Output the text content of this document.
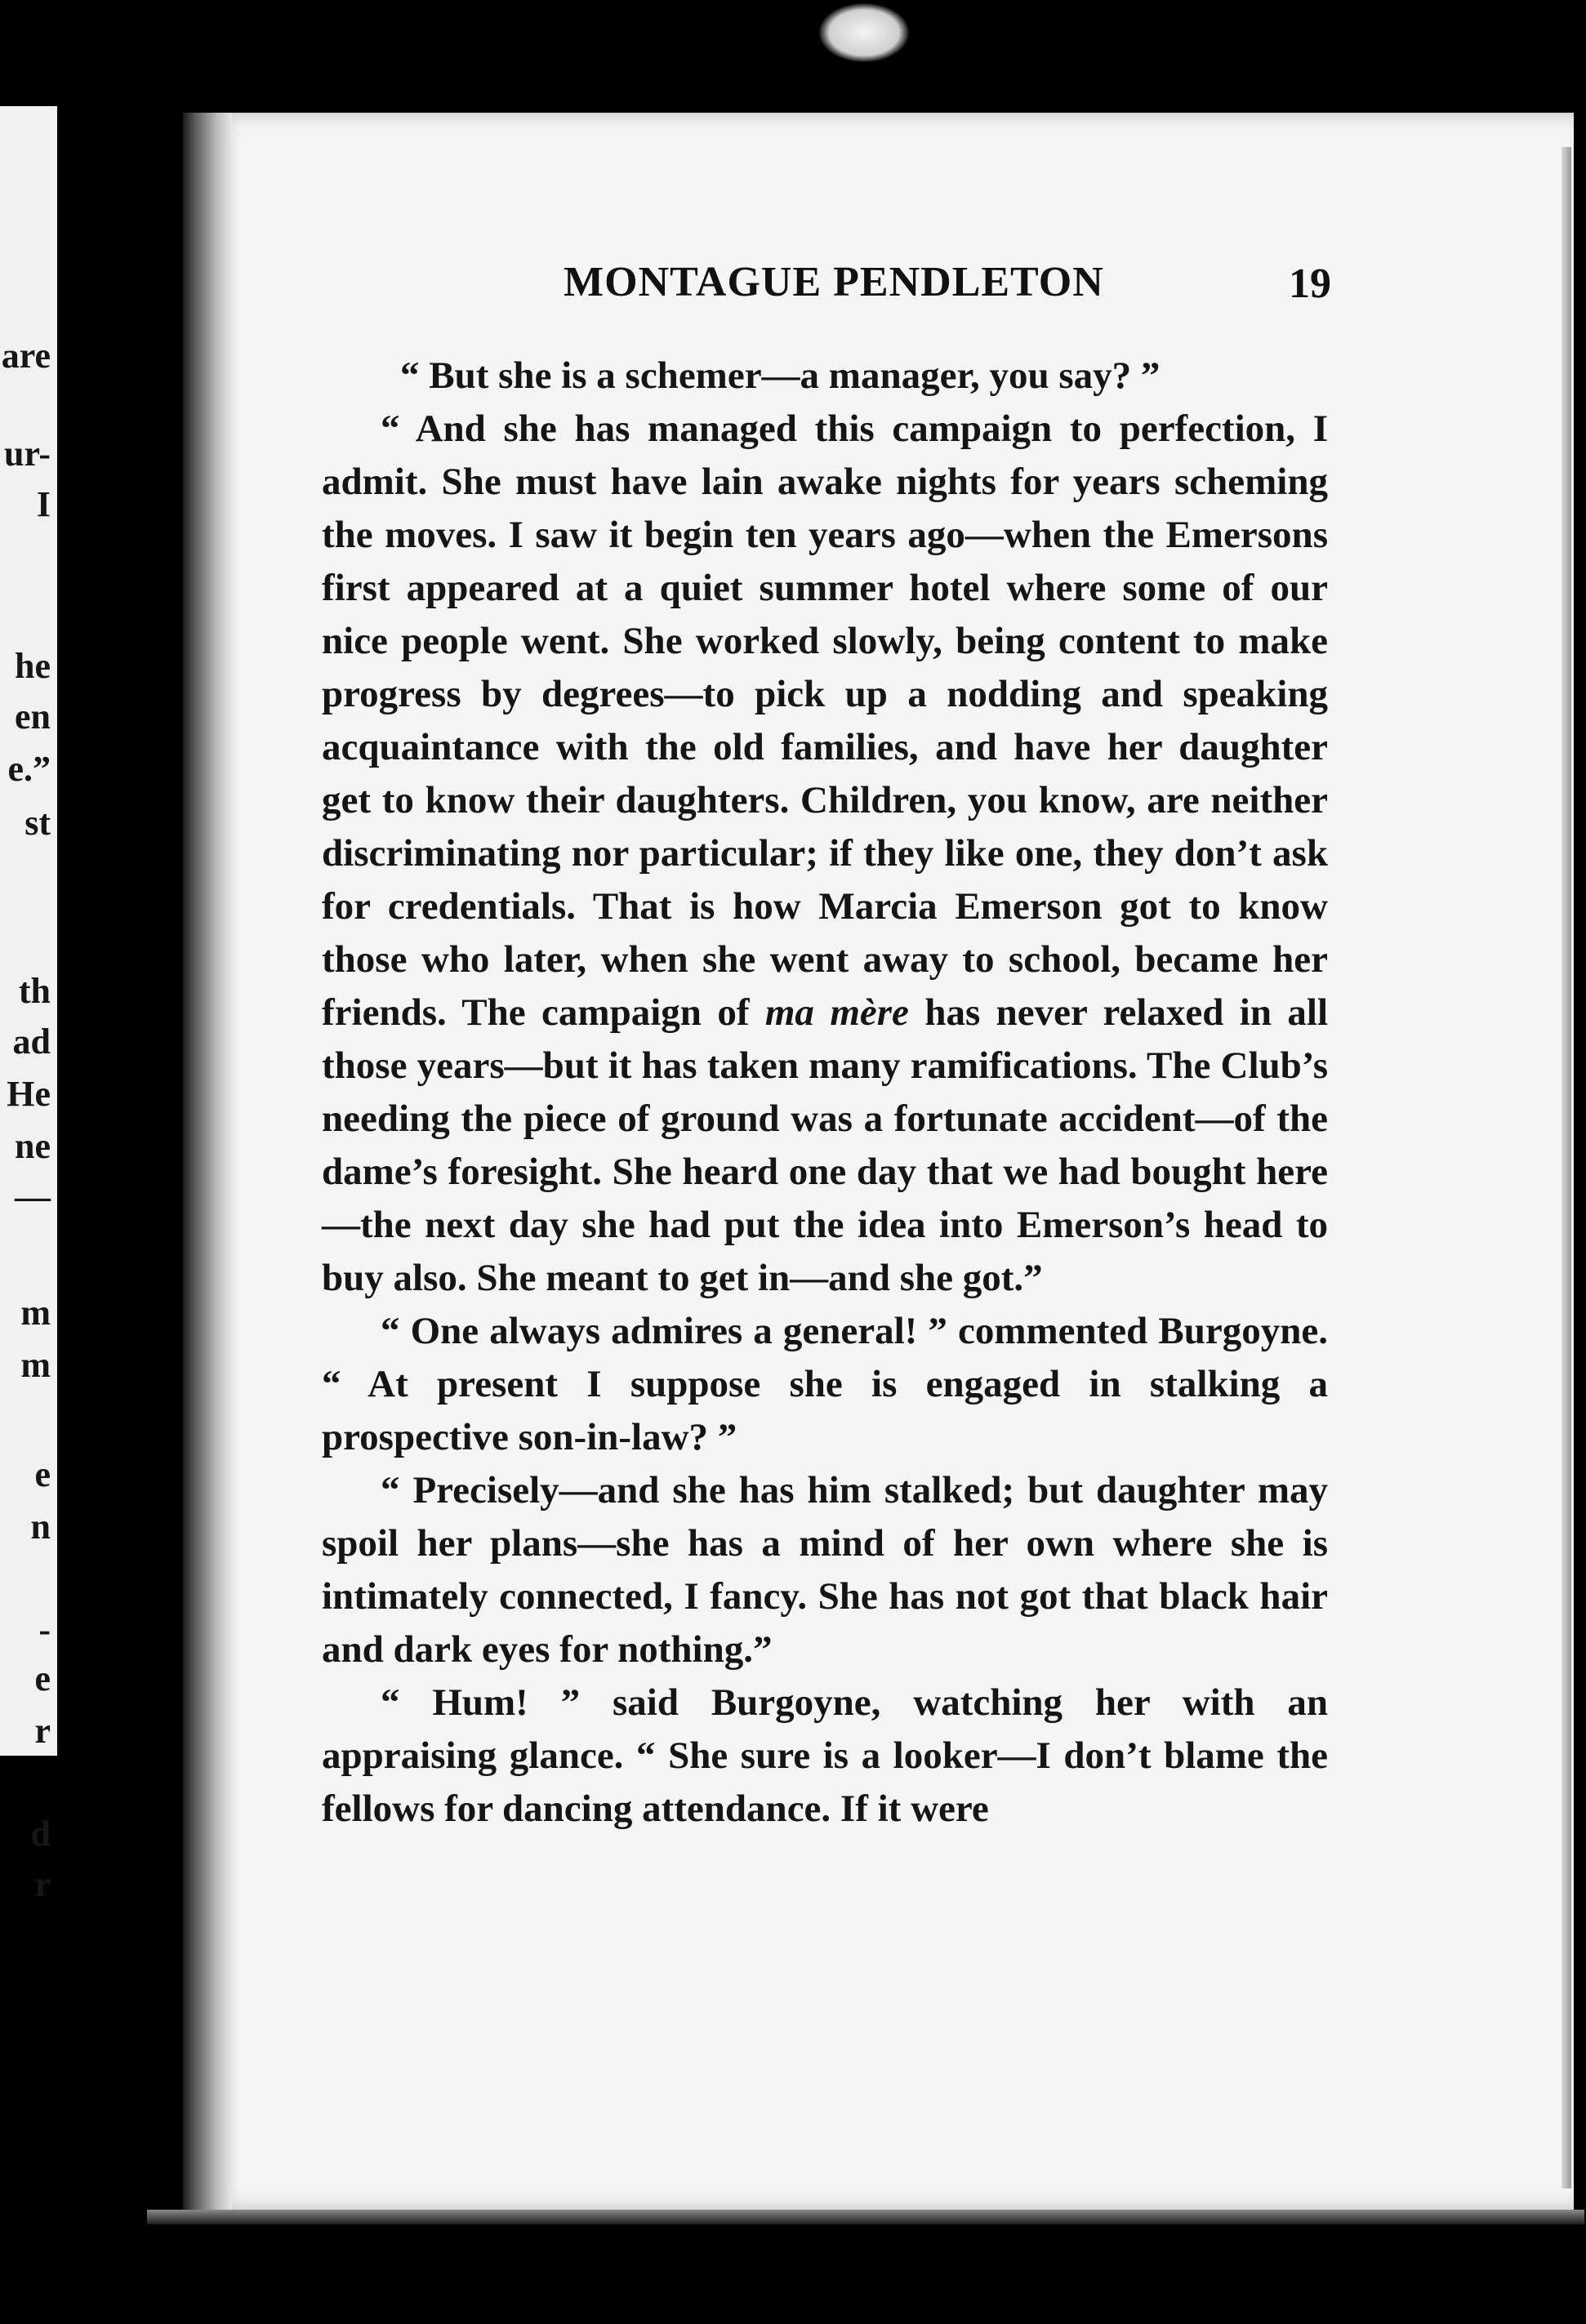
are
ur-
I
he
en
e.”
st
th
ad
He
ne
—
m
m
e
n
-
e
r
d
r
MONTAGUE PENDLETON	19

“ But she is a schemer—a manager, you say? ”

“ And she has managed this campaign to perfection, I admit. She must have lain awake nights for years scheming the moves. I saw it begin ten years ago—when the Emersons first appeared at a quiet summer hotel where some of our nice people went. She worked slowly, being content to make progress by degrees—to pick up a nodding and speaking acquaintance with the old families, and have her daughter get to know their daughters. Children, you know, are neither discriminating nor particular; if they like one, they don’t ask for credentials. That is how Marcia Emerson got to know those who later, when she went away to school, became her friends. The campaign of ma mère has never relaxed in all those years—but it has taken many ramifications. The Club’s needing the piece of ground was a fortunate accident—of the dame’s foresight. She heard one day that we had bought here—the next day she had put the idea into Emerson’s head to buy also. She meant to get in—and she got.”

“ One always admires a general! ” commented Burgoyne. “ At present I suppose she is engaged in stalking a prospective son-in-law? ”

“ Precisely—and she has him stalked; but daughter may spoil her plans—she has a mind of her own where she is intimately connected, I fancy. She has not got that black hair and dark eyes for nothing.”

“ Hum! ” said Burgoyne, watching her with an appraising glance. “ She sure is a looker—I don’t blame the fellows for dancing attendance. If it were
